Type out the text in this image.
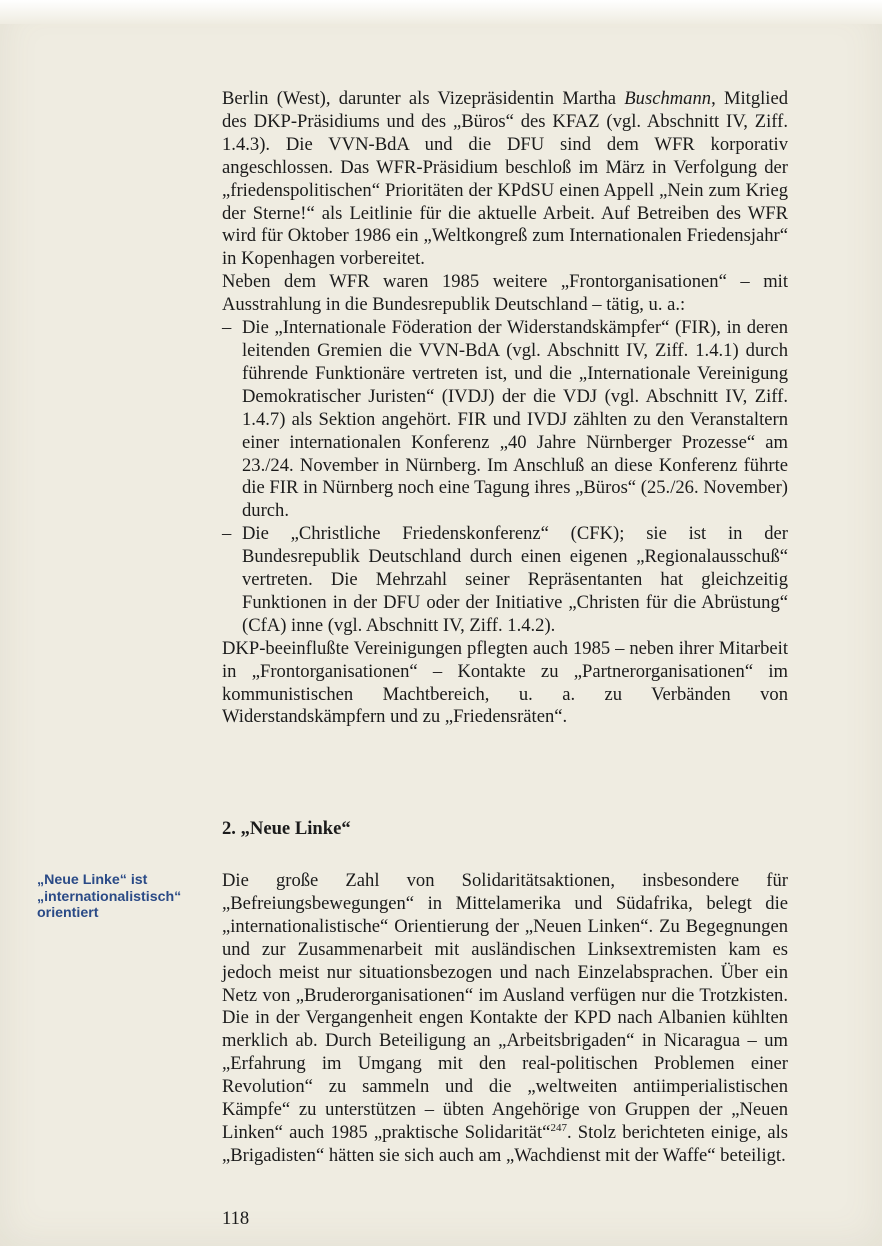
Berlin (West), darunter als Vizepräsidentin Martha Buschmann, Mitglied des DKP-Präsidiums und des „Büros“ des KFAZ (vgl. Abschnitt IV, Ziff. 1.4.3). Die VVN-BdA und die DFU sind dem WFR korporativ angeschlossen. Das WFR-Präsidium beschloß im März in Verfolgung der „friedenspolitischen“ Prioritäten der KPdSU einen Appell „Nein zum Krieg der Sterne!“ als Leitlinie für die aktuelle Arbeit. Auf Betreiben des WFR wird für Oktober 1986 ein „Weltkongreß zum Internationalen Friedensjahr“ in Kopenhagen vorbereitet.

Neben dem WFR waren 1985 weitere „Frontorganisationen“ – mit Ausstrahlung in die Bundesrepublik Deutschland – tätig, u. a.:

– Die „Internationale Föderation der Widerstandskämpfer“ (FIR), in deren leitenden Gremien die VVN-BdA (vgl. Abschnitt IV, Ziff. 1.4.1) durch führende Funktionäre vertreten ist, und die „Internationale Vereinigung Demokratischer Juristen“ (IVDJ) der die VDJ (vgl. Abschnitt IV, Ziff. 1.4.7) als Sektion angehört. FIR und IVDJ zählten zu den Veranstaltern einer internationalen Konferenz „40 Jahre Nürnberger Prozesse“ am 23./24. November in Nürnberg. Im Anschluß an diese Konferenz führte die FIR in Nürnberg noch eine Tagung ihres „Büros“ (25./26. November) durch.
– Die „Christliche Friedenskonferenz“ (CFK); sie ist in der Bundesrepublik Deutschland durch einen eigenen „Regionalausschuß“ vertreten. Die Mehrzahl seiner Repräsentanten hat gleichzeitig Funktionen in der DFU oder der Initiative „Christen für die Abrüstung“ (CfA) inne (vgl. Abschnitt IV, Ziff. 1.4.2).

DKP-beeinflußte Vereinigungen pflegten auch 1985 – neben ihrer Mitarbeit in „Frontorganisationen“ – Kontakte zu „Partnerorganisationen“ im kommunistischen Machtbereich, u. a. zu Verbänden von Widerstandskämpfern und zu „Friedensräten“.

2. „Neue Linke“

„Neue Linke“ ist „internationalistisch“ orientiert

Die große Zahl von Solidaritätsaktionen, insbesondere für „Befreiungsbewegungen“ in Mittelamerika und Südafrika, belegt die „internationalistische“ Orientierung der „Neuen Linken“. Zu Begegnungen und zur Zusammenarbeit mit ausländischen Linksextremisten kam es jedoch meist nur situationsbezogen und nach Einzelabsprachen. Über ein Netz von „Bruderorganisationen“ im Ausland verfügen nur die Trotzkisten. Die in der Vergangenheit engen Kontakte der KPD nach Albanien kühlten merklich ab. Durch Beteiligung an „Arbeitsbrigaden“ in Nicaragua – um „Erfahrung im Umgang mit den real-politischen Problemen einer Revolution“ zu sammeln und die „weltweiten antiimperialistischen Kämpfe“ zu unterstützen – übten Angehörige von Gruppen der „Neuen Linken“ auch 1985 „praktische Solidarität“$^{247}$. Stolz berichteten einige, als „Brigadisten“ hätten sie sich auch am „Wachdienst mit der Waffe“ beteiligt.

118
